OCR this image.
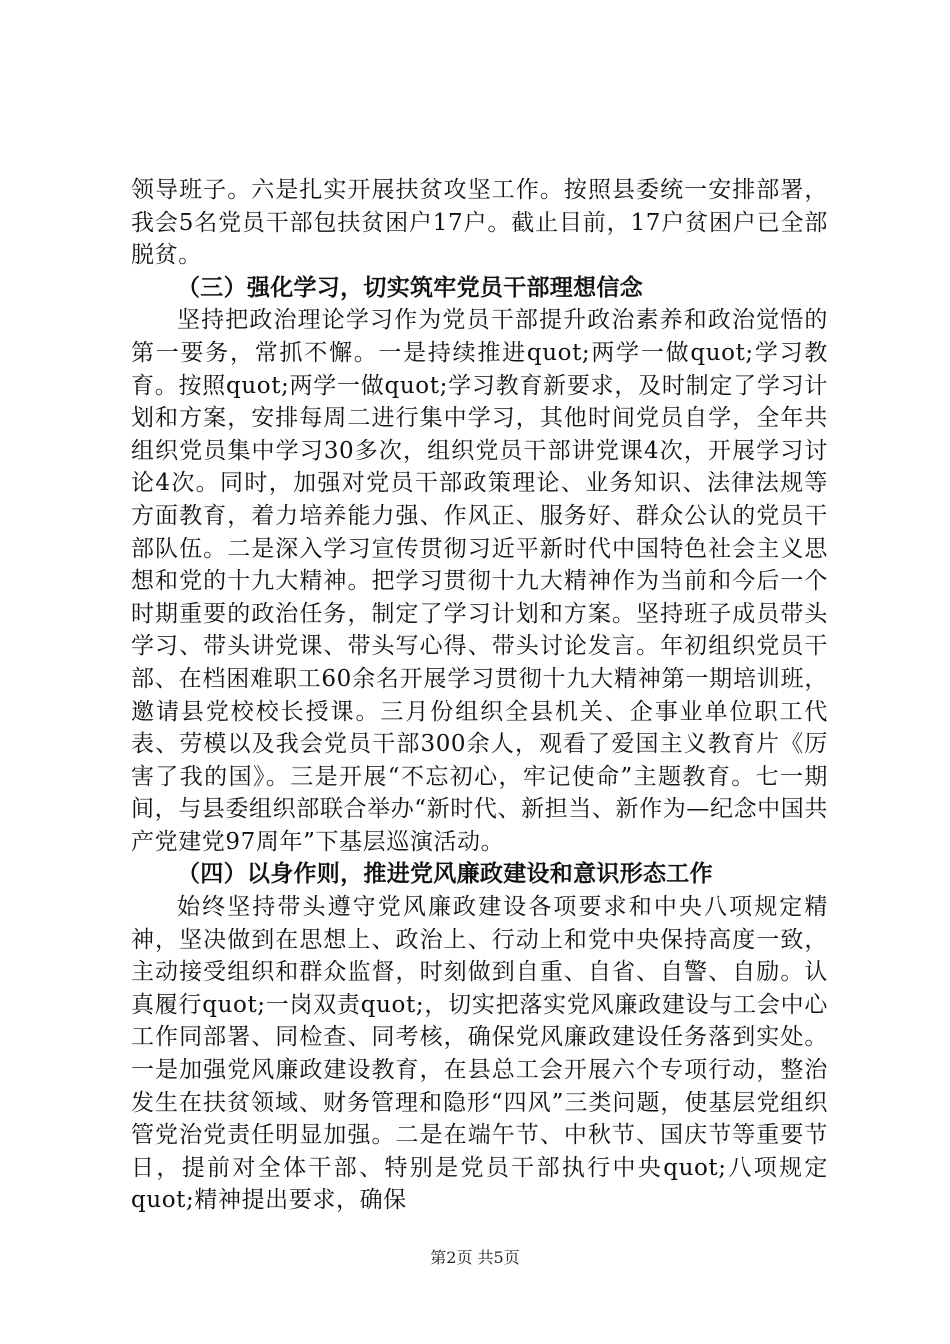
领导班子。六是扎实开展扶贫攻坚工作。按照县委统一安排部署，我会5名党员干部包扶贫困户17户。截止目前，17户贫困户已全部脱贫。

（三）强化学习，切实筑牢党员干部理想信念

坚持把政治理论学习作为党员干部提升政治素养和政治觉悟的第一要务，常抓不懈。一是持续推进quot;两学一做quot;学习教育。按照quot;两学一做quot;学习教育新要求，及时制定了学习计划和方案，安排每周二进行集中学习，其他时间党员自学，全年共组织党员集中学习30多次，组织党员干部讲党课4次，开展学习讨论4次。同时，加强对党员干部政策理论、业务知识、法律法规等方面教育，着力培养能力强、作风正、服务好、群众公认的党员干部队伍。二是深入学习宣传贯彻习近平新时代中国特色社会主义思想和党的十九大精神。把学习贯彻十九大精神作为当前和今后一个时期重要的政治任务，制定了学习计划和方案。坚持班子成员带头学习、带头讲党课、带头写心得、带头讨论发言。年初组织党员干部、在档困难职工60余名开展学习贯彻十九大精神第一期培训班，邀请县党校校长授课。三月份组织全县机关、企事业单位职工代表、劳模以及我会党员干部300余人，观看了爱国主义教育片《厉害了我的国》。三是开展“不忘初心，牢记使命”主题教育。七一期间，与县委组织部联合举办“新时代、新担当、新作为—纪念中国共产党建党97周年”下基层巡演活动。

（四）以身作则，推进党风廉政建设和意识形态工作

始终坚持带头遵守党风廉政建设各项要求和中央八项规定精神，坚决做到在思想上、政治上、行动上和党中央保持高度一致，主动接受组织和群众监督，时刻做到自重、自省、自警、自励。认真履行quot;一岗双责quot;，切实把落实党风廉政建设与工会中心工作同部署、同检查、同考核，确保党风廉政建设任务落到实处。一是加强党风廉政建设教育，在县总工会开展六个专项行动，整治发生在扶贫领域、财务管理和隐形“四风”三类问题，使基层党组织管党治党责任明显加强。二是在端午节、中秋节、国庆节等重要节日，提前对全体干部、特别是党员干部执行中央quot;八项规定quot;精神提出要求，确保

第2页 共5页
